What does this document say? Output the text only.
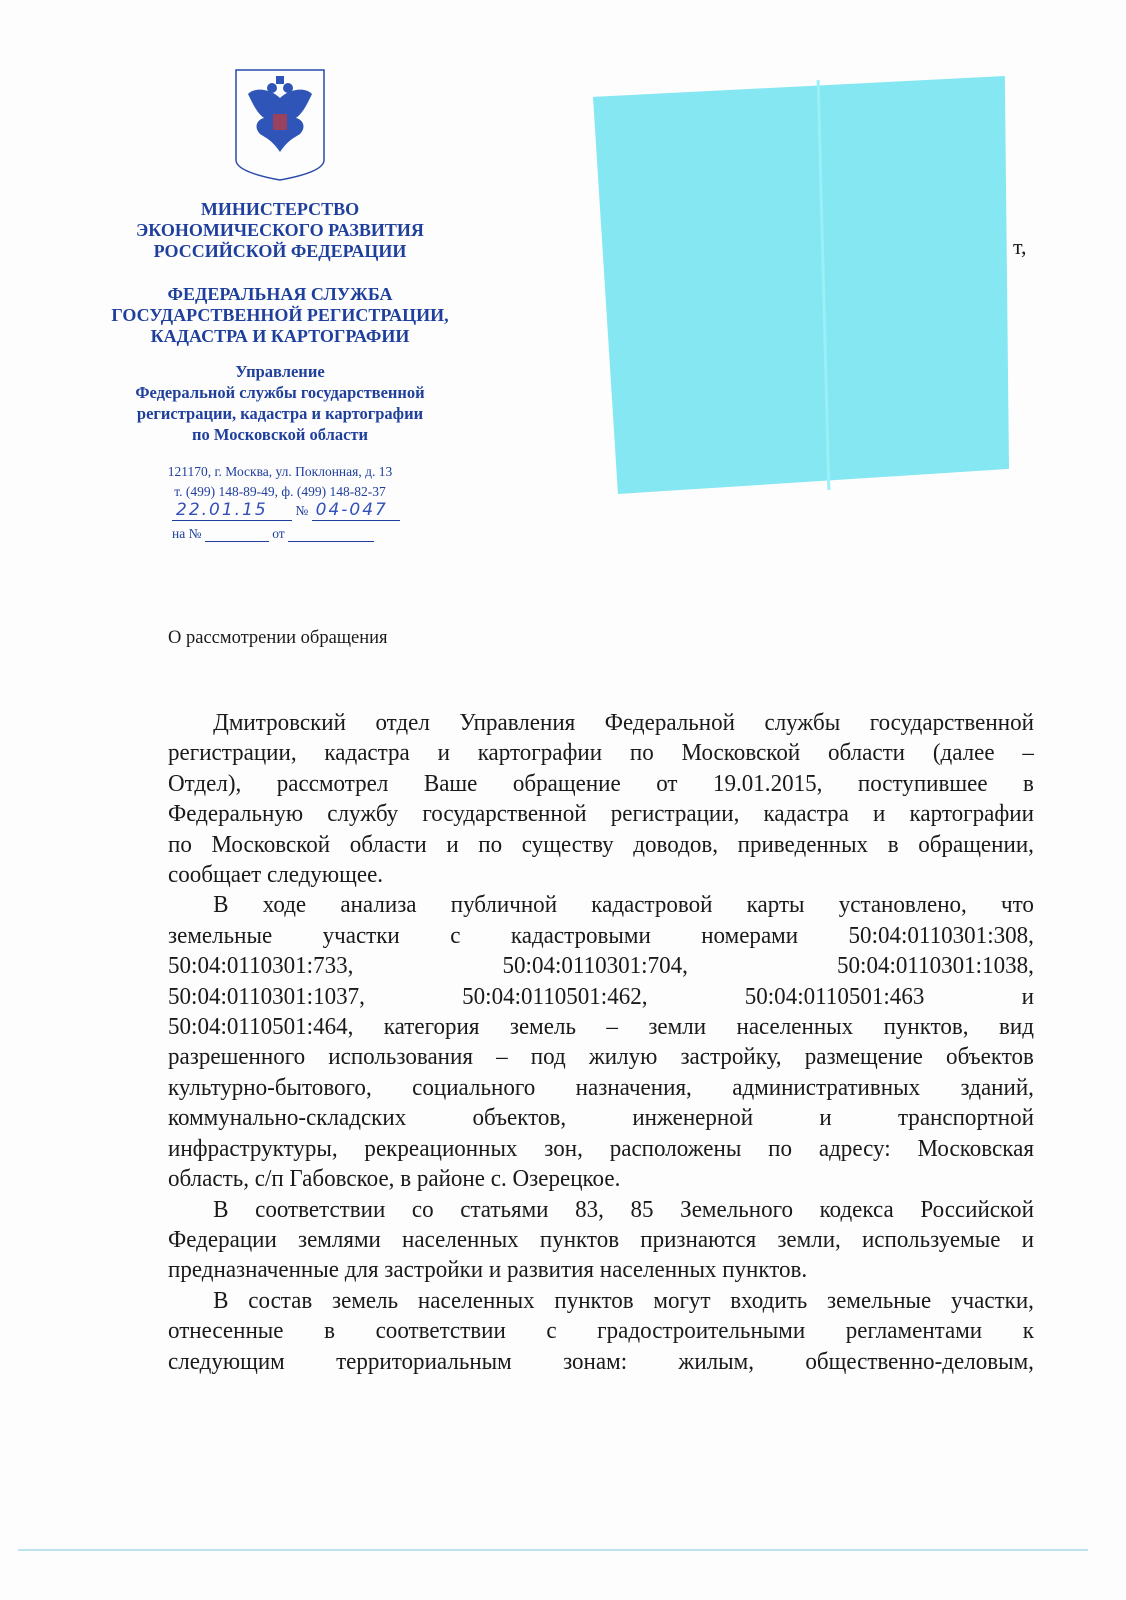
МИНИСТЕРСТВО
ЭКОНОМИЧЕСКОГО РАЗВИТИЯ
РОССИЙСКОЙ ФЕДЕРАЦИИ
ФЕДЕРАЛЬНАЯ СЛУЖБА
ГОСУДАРСТВЕННОЙ РЕГИСТРАЦИИ,
КАДАСТРА И КАРТОГРАФИИ
Управление
Федеральной службы государственной
регистрации, кадастра и картографии
по Московской области
121170, г. Москва, ул. Поклонная, д. 13
т. (499) 148-89-49, ф. (499) 148-82-37
22.01.15 № 04-047
на №	от
т,
О рассмотрении обращения
Дмитровский отдел Управления Федеральной службы государственной
регистрации, кадастра и картографии по Московской области (далее –
Отдел), рассмотрел Ваше обращение от 19.01.2015, поступившее в
Федеральную службу государственной регистрации, кадастра и картографии
по Московской области и по существу доводов, приведенных в обращении,
сообщает следующее.
В ходе анализа публичной кадастровой карты установлено, что
земельные участки с кадастровыми номерами 50:04:0110301:308,
50:04:0110301:733, 50:04:0110301:704, 50:04:0110301:1038,
50:04:0110301:1037, 50:04:0110501:462, 50:04:0110501:463 и
50:04:0110501:464, категория земель – земли населенных пунктов, вид
разрешенного использования – под жилую застройку, размещение объектов
культурно-бытового, социального назначения, административных зданий,
коммунально-складских объектов, инженерной и транспортной
инфраструктуры, рекреационных зон, расположены по адресу: Московская
область, с/п Габовское, в районе с. Озерецкое.
В соответствии со статьями 83, 85 Земельного кодекса Российской
Федерации землями населенных пунктов признаются земли, используемые и
предназначенные для застройки и развития населенных пунктов.
В состав земель населенных пунктов могут входить земельные участки,
отнесенные в соответствии с градостроительными регламентами к
следующим территориальным зонам: жилым, общественно-деловым,
